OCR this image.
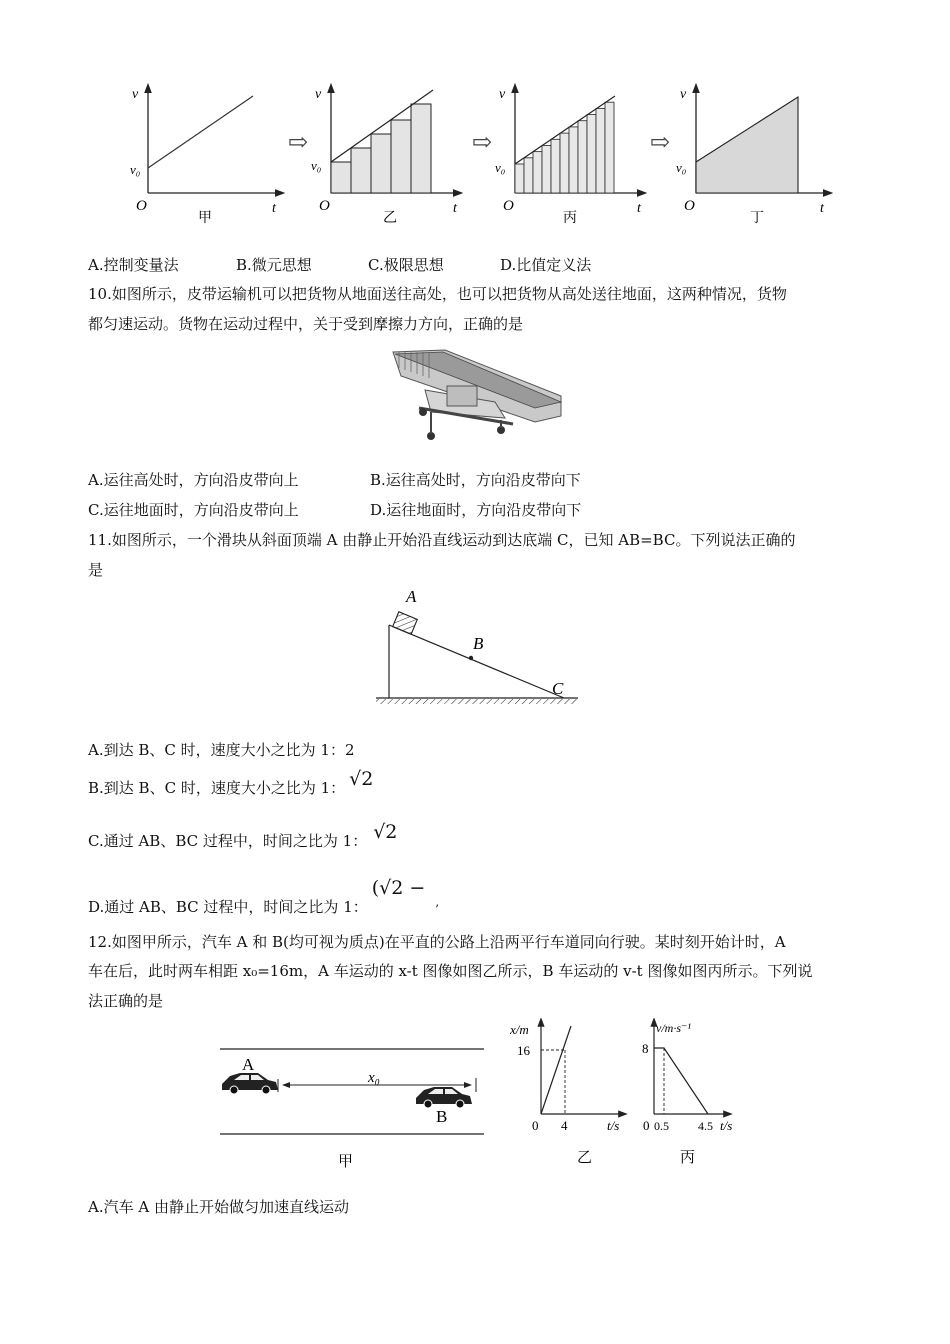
v
v₀
O	t
甲
⇨
v
v₀
O	t
乙
⇨
v
v₀
O	t
丙
⇨
v
v₀
O	t
丁
A.控制变量法	B.微元思想	C.极限思想	D.比值定义法
10.如图所示，皮带运输机可以把货物从地面送往高处，也可以把货物从高处送往地面，这两种情况，货物
都匀速运动。货物在运动过程中，关于受到摩擦力方向，正确的是
A.运往高处时，方向沿皮带向上	B.运往高处时，方向沿皮带向下
C.运往地面时，方向沿皮带向上	D.运往地面时，方向沿皮带向下
11.如图所示，一个滑块从斜面顶端 A 由静止开始沿直线运动到达底端 C，已知 AB=BC。下列说法正确的
是
A
B
C
A.到达 B、C 时，速度大小之比为 1：2
B.到达 B、C 时，速度大小之比为 1： √2
C.通过 AB、BC 过程中，时间之比为 1： √2
D.通过 AB、BC 过程中，时间之比为 1：(√2 −,
12.如图甲所示，汽车 A 和 B(均可视为质点)在平直的公路上沿两平行车道同向行驶。某时刻开始计时，A
车在后，此时两车相距 x₀=16m，A 车运动的 x-t 图像如图乙所示，B 车运动的 v-t 图像如图丙所示。下列说
法正确的是
A
B
x₀
甲
x/m
16
0 4	t/s
乙
v/m·s⁻¹
8
0 0.5 4.5 t/s
丙
A.汽车 A 由静止开始做匀加速直线运动
